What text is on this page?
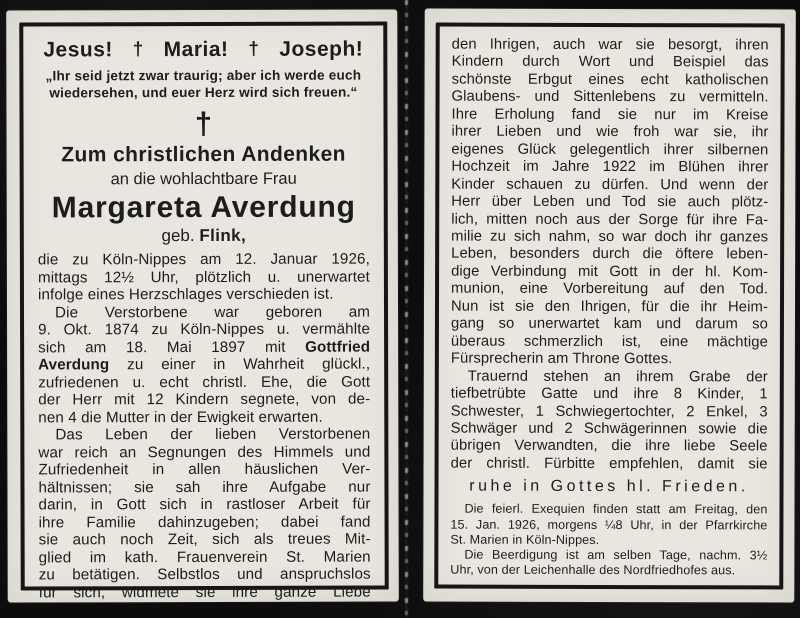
Jesus! † Maria! † Joseph!
„Ihr seid jetzt zwar traurig; aber ich werde euch
wiedersehen, und euer Herz wird sich freuen.“
†
Zum christlichen Andenken
an die wohlachtbare Frau
Margareta Averdung
geb. Flink,
die zu Köln-Nippes am 12. Januar 1926,
mittags 12½ Uhr, plötzlich u. unerwartet
infolge eines Herzschlages verschieden ist.
Die Verstorbene war geboren am
9. Okt. 1874 zu Köln-Nippes u. vermählte
sich am 18. Mai 1897 mit Gottfried
Averdung zu einer in Wahrheit glückl.,
zufriedenen u. echt christl. Ehe, die Gott
der Herr mit 12 Kindern segnete, von de-
nen 4 die Mutter in der Ewigkeit erwarten.
Das Leben der lieben Verstorbenen
war reich an Segnungen des Himmels und
Zufriedenheit in allen häuslichen Ver-
hältnissen; sie sah ihre Aufgabe nur
darin, in Gott sich in rastloser Arbeit für
ihre Familie dahinzugeben; dabei fand
sie auch noch Zeit, sich als treues Mit-
glied im kath. Frauenverein St. Marien
zu betätigen. Selbstlos und anspruchslos
für sich, widmete sie ihre ganze Liebe
den Ihrigen, auch war sie besorgt, ihren
Kindern durch Wort und Beispiel das
schönste Erbgut eines echt katholischen
Glaubens- und Sittenlebens zu vermitteln.
Ihre Erholung fand sie nur im Kreise
ihrer Lieben und wie froh war sie, ihr
eigenes Glück gelegentlich ihrer silbernen
Hochzeit im Jahre 1922 im Blühen ihrer
Kinder schauen zu dürfen. Und wenn der
Herr über Leben und Tod sie auch plötz-
lich, mitten noch aus der Sorge für ihre Fa-
milie zu sich nahm, so war doch ihr ganzes
Leben, besonders durch die öftere leben-
dige Verbindung mit Gott in der hl. Kom-
munion, eine Vorbereitung auf den Tod.
Nun ist sie den Ihrigen, für die ihr Heim-
gang so unerwartet kam und darum so
überaus schmerzlich ist, eine mächtige
Fürsprecherin am Throne Gottes.
Trauernd stehen an ihrem Grabe der
tiefbetrübte Gatte und ihre 8 Kinder, 1
Schwester, 1 Schwiegertochter, 2 Enkel, 3
Schwäger und 2 Schwägerinnen sowie die
übrigen Verwandten, die ihre liebe Seele
der christl. Fürbitte empfehlen, damit sie
ruhe in Gottes hl. Frieden.
Die feierl. Exequien finden statt am Freitag, den
15. Jan. 1926, morgens ¼8 Uhr, in der Pfarrkirche
St. Marien in Köln-Nippes.
Die Beerdigung ist am selben Tage, nachm. 3½
Uhr, von der Leichenhalle des Nordfriedhofes aus.
